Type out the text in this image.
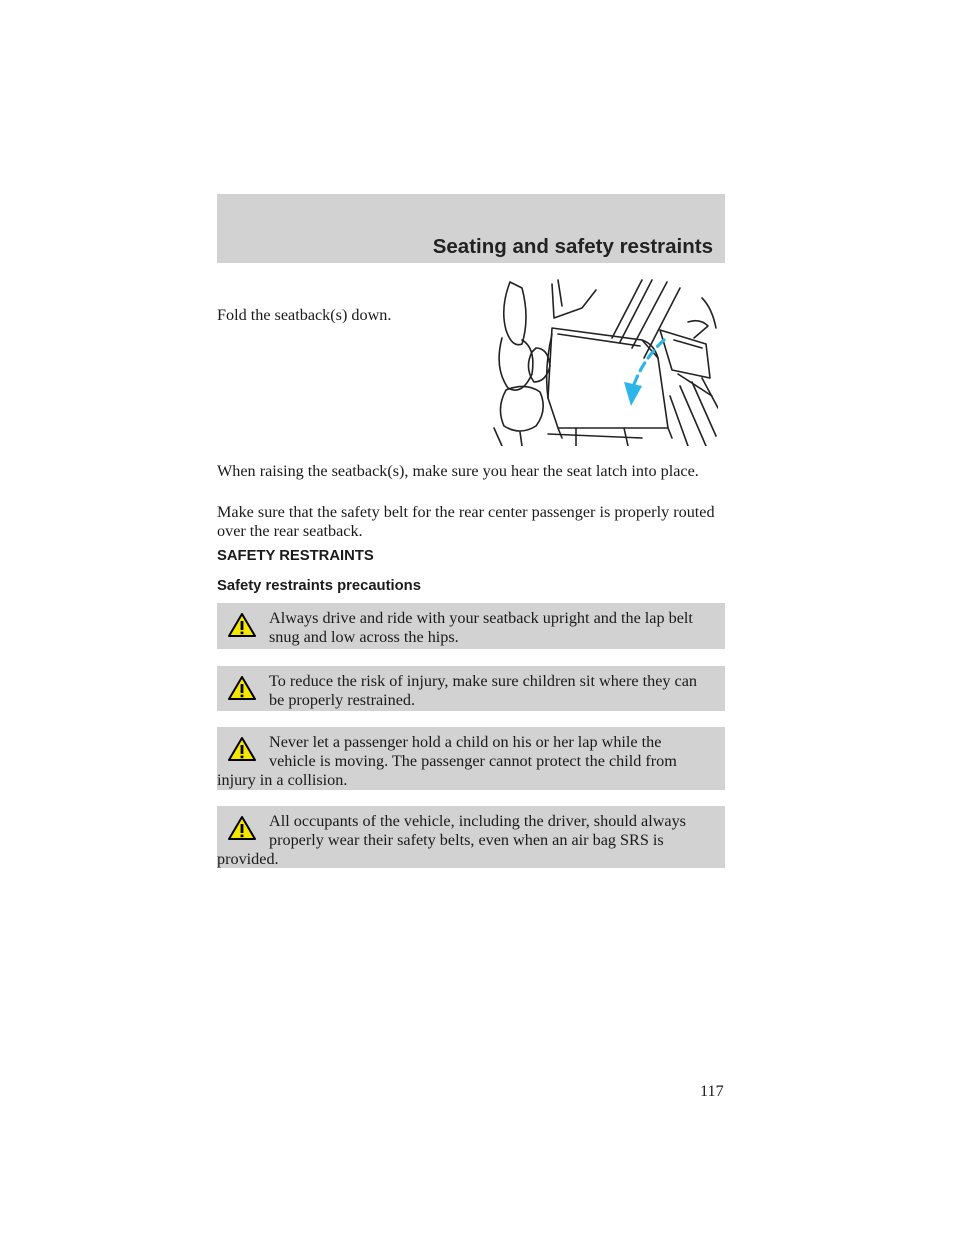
Seating and safety restraints

Fold the seatback(s) down.

When raising the seatback(s), make sure you hear the seat latch into place.

Make sure that the safety belt for the rear center passenger is properly routed over the rear seatback.

SAFETY RESTRAINTS
Safety restraints precautions
Always drive and ride with your seatback upright and the lap belt snug and low across the hips.
To reduce the risk of injury, make sure children sit where they can be properly restrained.
Never let a passenger hold a child on his or her lap while the vehicle is moving. The passenger cannot protect the child from injury in a collision.
All occupants of the vehicle, including the driver, should always properly wear their safety belts, even when an air bag SRS is provided.
117
